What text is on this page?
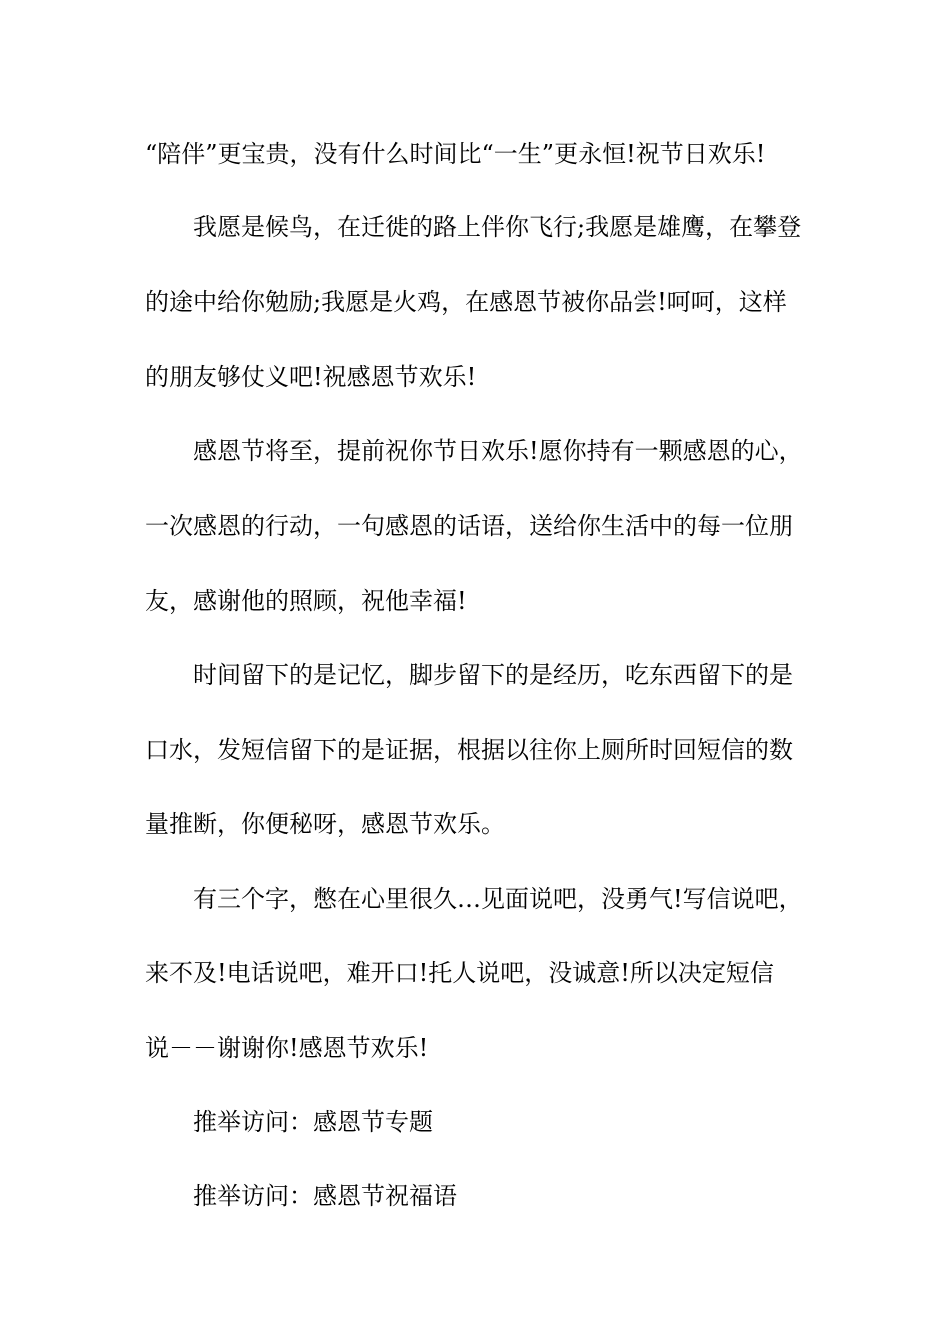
“陪伴”更宝贵，没有什么时间比“一生”更永恒!祝节日欢乐!
我愿是候鸟，在迁徙的路上伴你飞行;我愿是雄鹰，在攀登
的途中给你勉励;我愿是火鸡，在感恩节被你品尝!呵呵，这样
的朋友够仗义吧!祝感恩节欢乐!
感恩节将至，提前祝你节日欢乐!愿你持有一颗感恩的心，
一次感恩的行动，一句感恩的话语，送给你生活中的每一位朋
友，感谢他的照顾，祝他幸福!
时间留下的是记忆，脚步留下的是经历，吃东西留下的是
口水，发短信留下的是证据，根据以往你上厕所时回短信的数
量推断，你便秘呀，感恩节欢乐。
有三个字，憋在心里很久…见面说吧，没勇气!写信说吧，
来不及!电话说吧，难开口!托人说吧，没诚意!所以决定短信
说－－谢谢你!感恩节欢乐!
推举访问：感恩节专题
推举访问：感恩节祝福语
